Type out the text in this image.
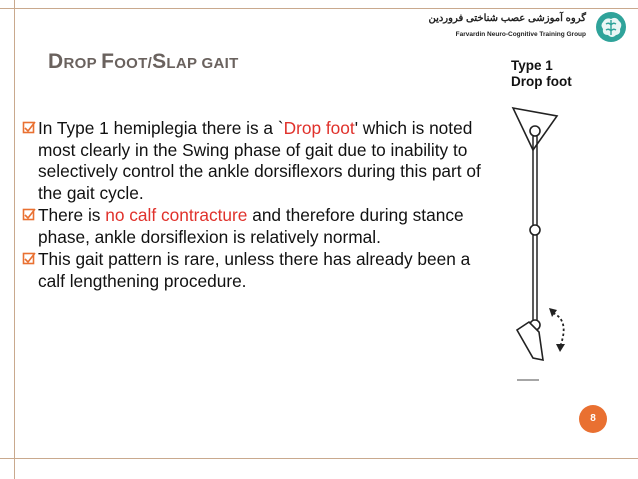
DROP FOOT/SLAP GAIT
گروه آموزشی عصب شناختی فروردین
Farvardin Neuro-Cognitive Training Group
In Type 1 hemiplegia there is a `Drop foot' which is noted most clearly in the Swing phase of gait due to inability to selectively control the ankle dorsiflexors during this part of the gait cycle.
There is no calf contracture and therefore during stance phase, ankle dorsiflexion is relatively normal.
This gait pattern is rare, unless there has already been a calf lengthening procedure.
Type 1
Drop foot
8
